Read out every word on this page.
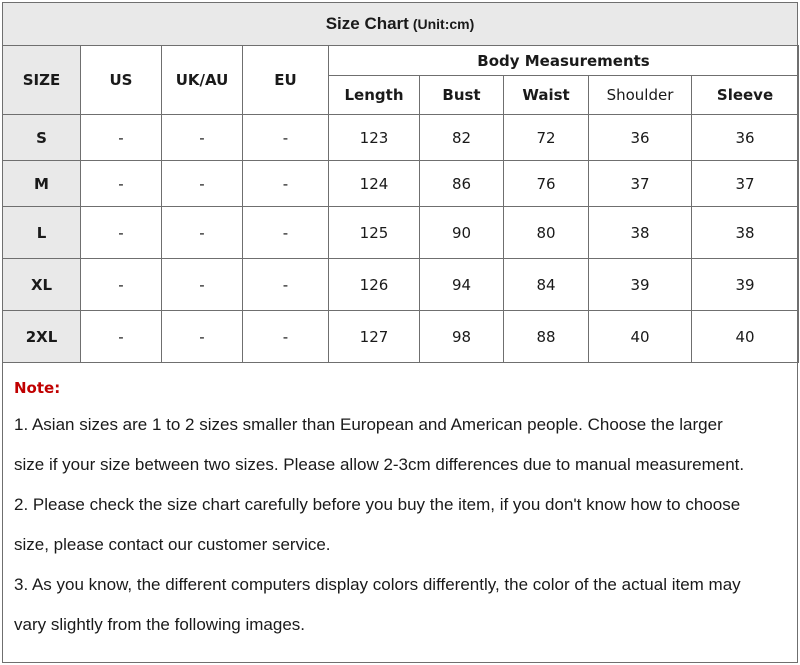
Size Chart (Unit:cm)
SIZE	US	UK/AU	EU	Body Measurements				
				Length	Bust	Waist	Shoulder	Sleeve
S	-	-	-	123	82	72	36	36
M	-	-	-	124	86	76	37	37
L	-	-	-	125	90	80	38	38
XL	-	-	-	126	94	84	39	39
2XL	-	-	-	127	98	88	40	40
Note:
1. Asian sizes are 1 to 2 sizes smaller than European and American people. Choose the larger
size if your size between two sizes. Please allow 2-3cm differences due to manual measurement.
2. Please check the size chart carefully before you buy the item, if you don't know how to choose
size, please contact our customer service.
3. As you know, the different computers display colors differently, the color of the actual item may
vary slightly from the following images.
